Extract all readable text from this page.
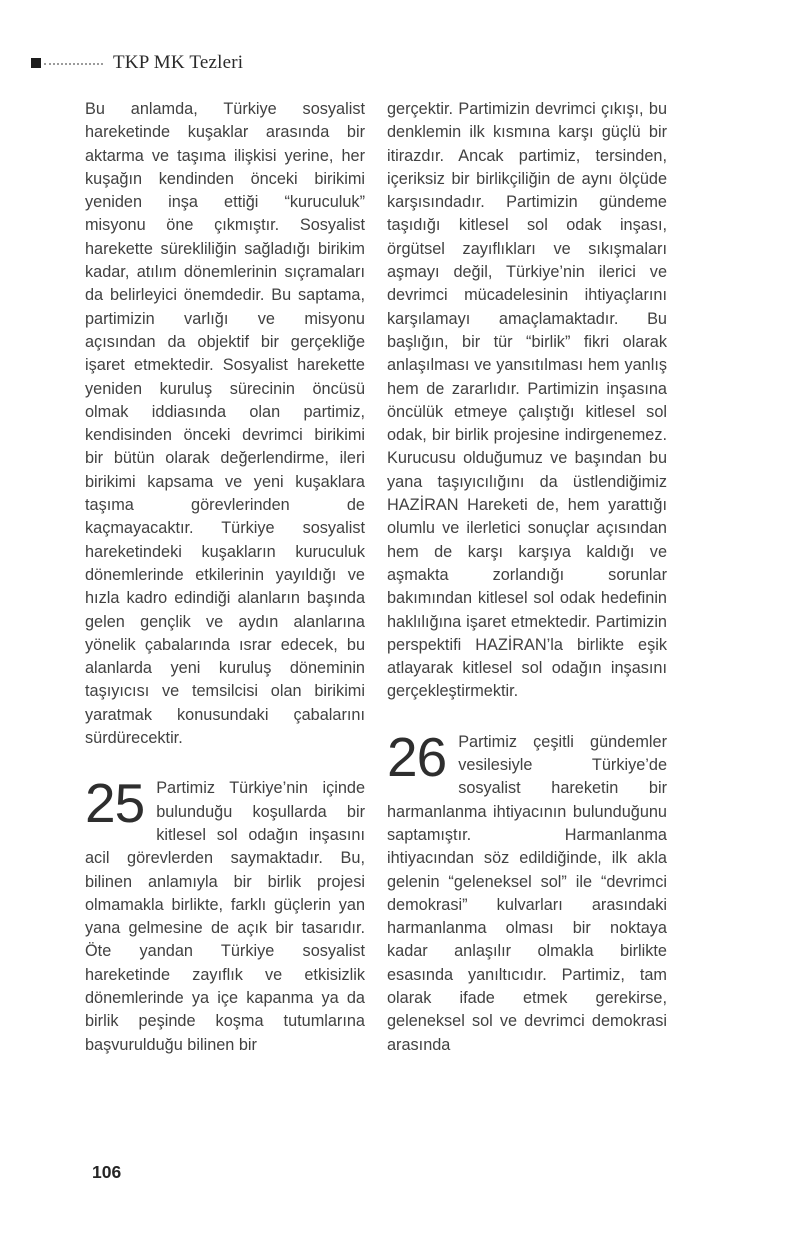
TKP MK Tezleri

Bu anlamda, Türkiye sosyalist hareketinde kuşaklar arasında bir aktarma ve taşıma ilişkisi yerine, her kuşağın kendinden önceki birikimi yeniden inşa ettiği “kuruculuk” misyonu öne çıkmıştır. Sosyalist harekette sürekliliğin sağladığı birikim kadar, atılım dönemlerinin sıçramaları da belirleyici önemdedir. Bu saptama, partimizin varlığı ve misyonu açısından da objektif bir gerçekliğe işaret etmektedir. Sosyalist harekette yeniden kuruluş sürecinin öncüsü olmak iddiasında olan partimiz, kendisinden önceki devrimci birikimi bir bütün olarak değerlendirme, ileri birikimi kapsama ve yeni kuşaklara taşıma görevlerinden de kaçmayacaktır. Türkiye sosyalist hareketindeki kuşakların kuruculuk dönemlerinde etkilerinin yayıldığı ve hızla kadro edindiği alanların başında gelen gençlik ve aydın alanlarına yönelik çabalarında ısrar edecek, bu alanlarda yeni kuruluş döneminin taşıyıcısı ve temsilcisi olan birikimi yaratmak konusundaki çabalarını sürdürecektir.

25 Partimiz Türkiye’nin içinde bulunduğu koşullarda bir kitlesel sol odağın inşasını acil görevlerden saymaktadır. Bu, bilinen anlamıyla bir birlik projesi olmamakla birlikte, farklı güçlerin yan yana gelmesine de açık bir tasarıdır. Öte yandan Türkiye sosyalist hareketinde zayıflık ve etkisizlik dönemlerinde ya içe kapanma ya da birlik peşinde koşma tutumlarına başvurulduğu bilinen bir

gerçektir. Partimizin devrimci çıkışı, bu denklemin ilk kısmına karşı güçlü bir itirazdır. Ancak partimiz, tersinden, içeriksiz bir birlikçiliğin de aynı ölçüde karşısındadır. Partimizin gündeme taşıdığı kitlesel sol odak inşası, örgütsel zayıflıkları ve sıkışmaları aşmayı değil, Türkiye’nin ilerici ve devrimci mücadelesinin ihtiyaçlarını karşılamayı amaçlamaktadır. Bu başlığın, bir tür “birlik” fikri olarak anlaşılması ve yansıtılması hem yanlış hem de zararlıdır. Partimizin inşasına öncülük etmeye çalıştığı kitlesel sol odak, bir birlik projesine indirgenemez. Kurucusu olduğumuz ve başından bu yana taşıyıcılığını da üstlendiğimiz HAZİRAN Hareketi de, hem yarattığı olumlu ve ilerletici sonuçlar açısından hem de karşı karşıya kaldığı ve aşmakta zorlandığı sorunlar bakımından kitlesel sol odak hedefinin haklılığına işaret etmektedir. Partimizin perspektifi HAZİRAN’la birlikte eşik atlayarak kitlesel sol odağın inşasını gerçekleştirmektir.

26 Partimiz çeşitli gündemler vesilesiyle Türkiye’de sosyalist hareketin bir harmanlanma ihtiyacının bulunduğunu saptamıştır. Harmanlanma ihtiyacından söz edildiğinde, ilk akla gelenin “geleneksel sol” ile “devrimci demokrasi” kulvarları arasındaki harmanlanma olması bir noktaya kadar anlaşılır olmakla birlikte esasında yanıltıcıdır. Partimiz, tam olarak ifade etmek gerekirse, geleneksel sol ve devrimci demokrasi arasında

106
